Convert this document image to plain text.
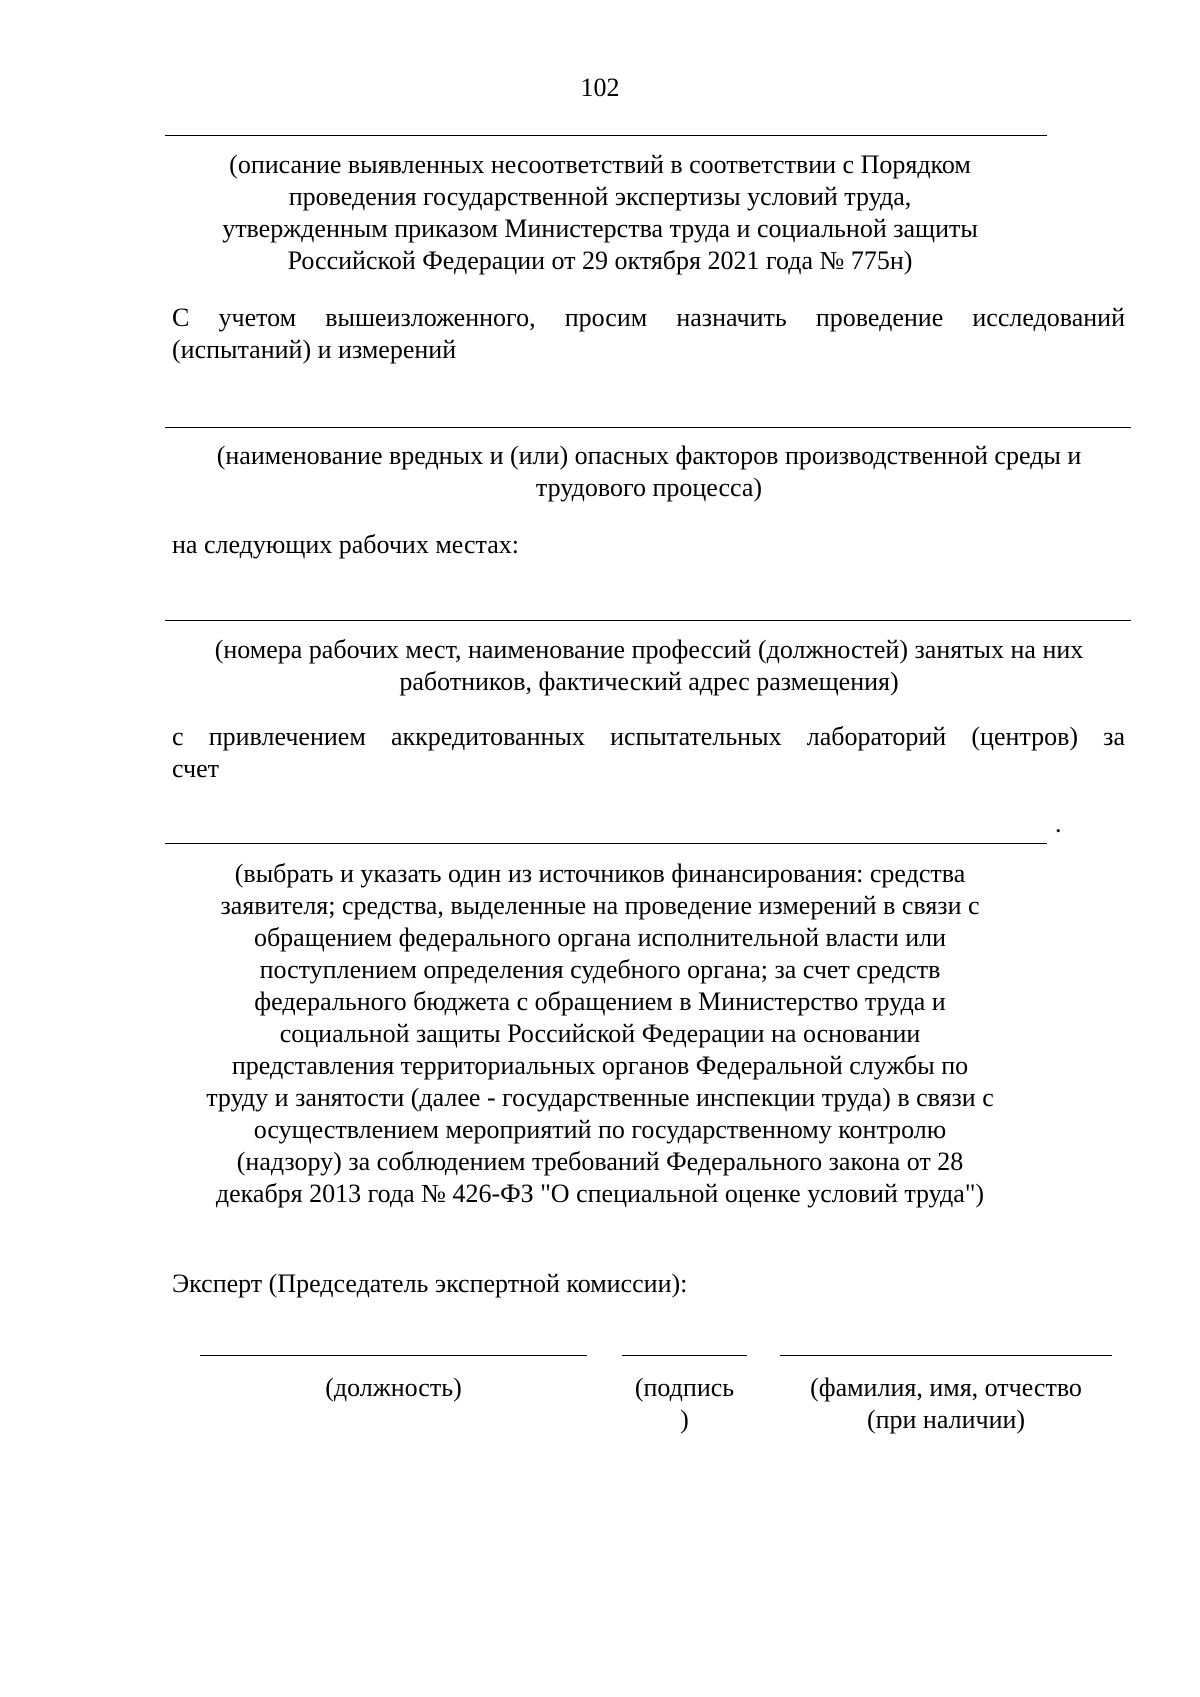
102
(описание выявленных несоответствий в соответствии с Порядком
проведения государственной экспертизы условий труда,
утвержденным приказом Министерства труда и социальной защиты
Российской Федерации от 29 октября 2021 года № 775н)
С учетом вышеизложенного, просим назначить проведение исследований
(испытаний) и измерений
(наименование вредных и (или) опасных факторов производственной среды и
трудового процесса)
на следующих рабочих местах:
(номера рабочих мест, наименование профессий (должностей) занятых на них
работников, фактический адрес размещения)
с привлечением аккредитованных испытательных лабораторий (центров) за
счет
.
(выбрать и указать один из источников финансирования: средства
заявителя; средства, выделенные на проведение измерений в связи с
обращением федерального органа исполнительной власти или
поступлением определения судебного органа; за счет средств
федерального бюджета с обращением в Министерство труда и
социальной защиты Российской Федерации на основании
представления территориальных органов Федеральной службы по
труду и занятости (далее - государственные инспекции труда) в связи с
осуществлением мероприятий по государственному контролю
(надзору) за соблюдением требований Федерального закона от 28
декабря 2013 года № 426-ФЗ "О специальной оценке условий труда")
Эксперт (Председатель экспертной комиссии):
(должность)	(подпись
)
(фамилия, имя, отчество
(при наличии)
